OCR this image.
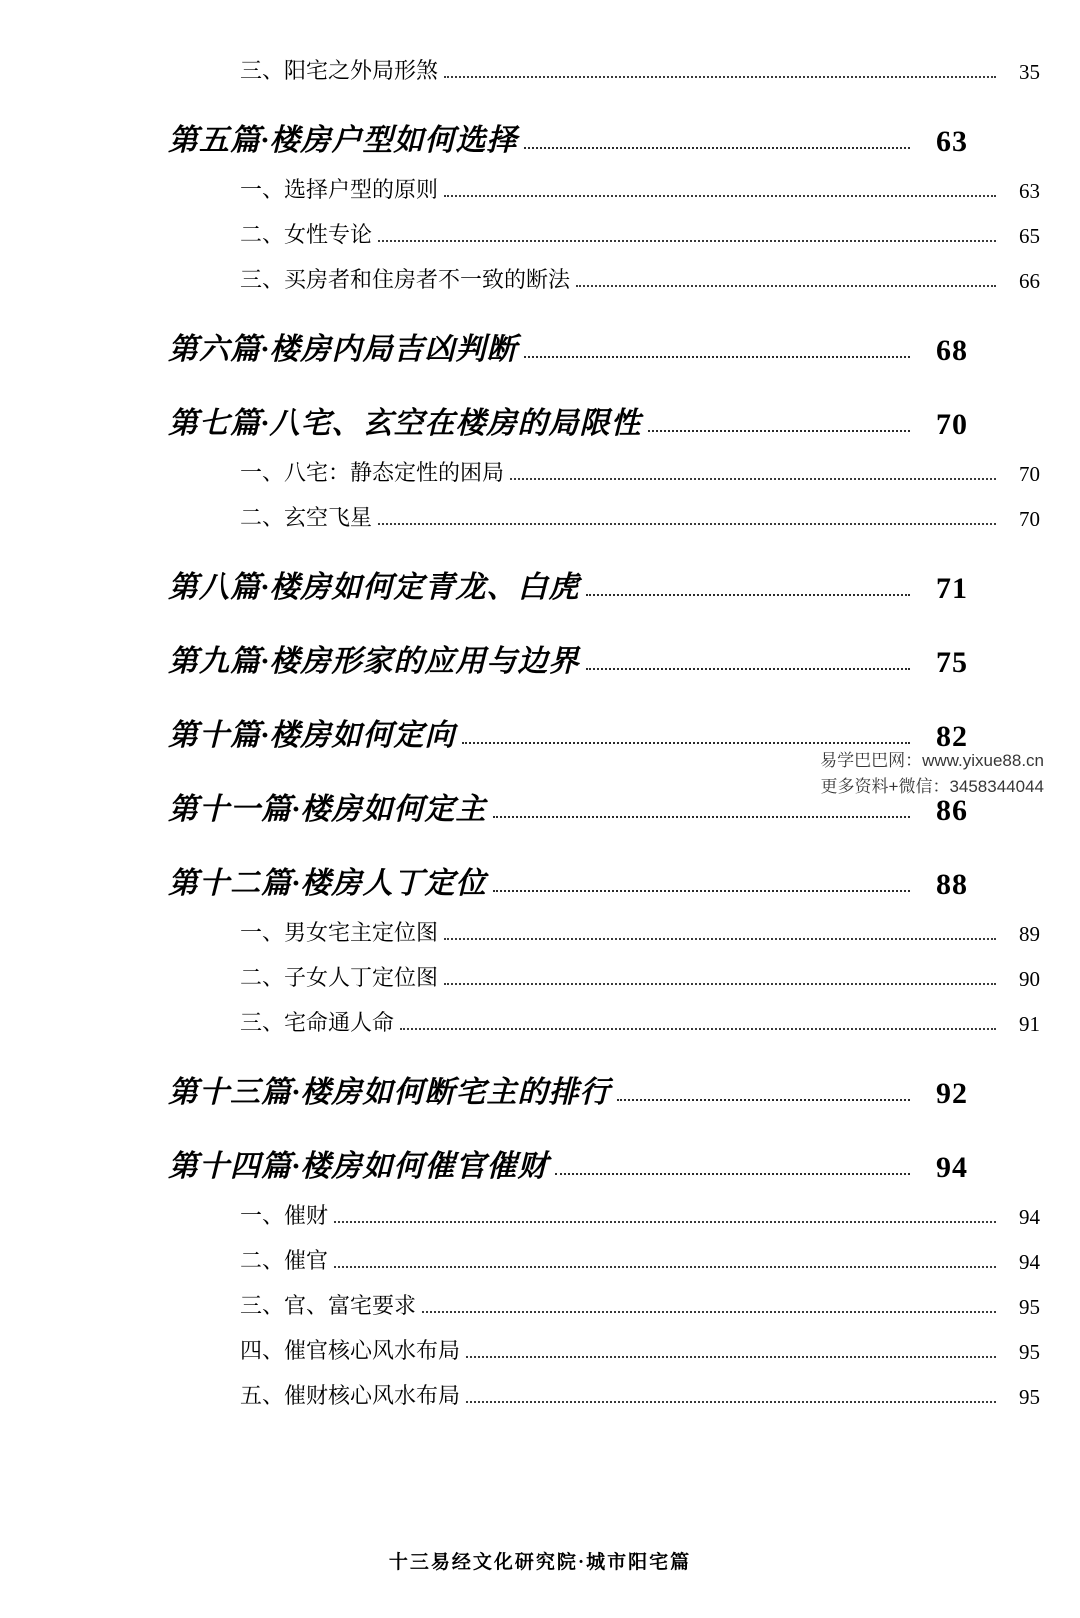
三、阳宅之外局形煞	35
第五篇·楼房户型如何选择	63
一、选择户型的原则	63
二、女性专论	65
三、买房者和住房者不一致的断法	66
第六篇·楼房内局吉凶判断	68
第七篇·八宅、玄空在楼房的局限性	70
一、八宅：静态定性的困局	70
二、玄空飞星	70
第八篇·楼房如何定青龙、白虎	71
第九篇·楼房形家的应用与边界	75
第十篇·楼房如何定向	82
第十一篇·楼房如何定主	86
第十二篇·楼房人丁定位	88
一、男女宅主定位图	89
二、子女人丁定位图	90
三、宅命通人命	91
第十三篇·楼房如何断宅主的排行	92
第十四篇·楼房如何催官催财	94
一、催财	94
二、催官	94
三、官、富宅要求	95
四、催官核心风水布局	95
五、催财核心风水布局	95
易学巴巴网：www.yixue88.cn
更多资料+微信：3458344044
十三易经文化研究院·城市阳宅篇
